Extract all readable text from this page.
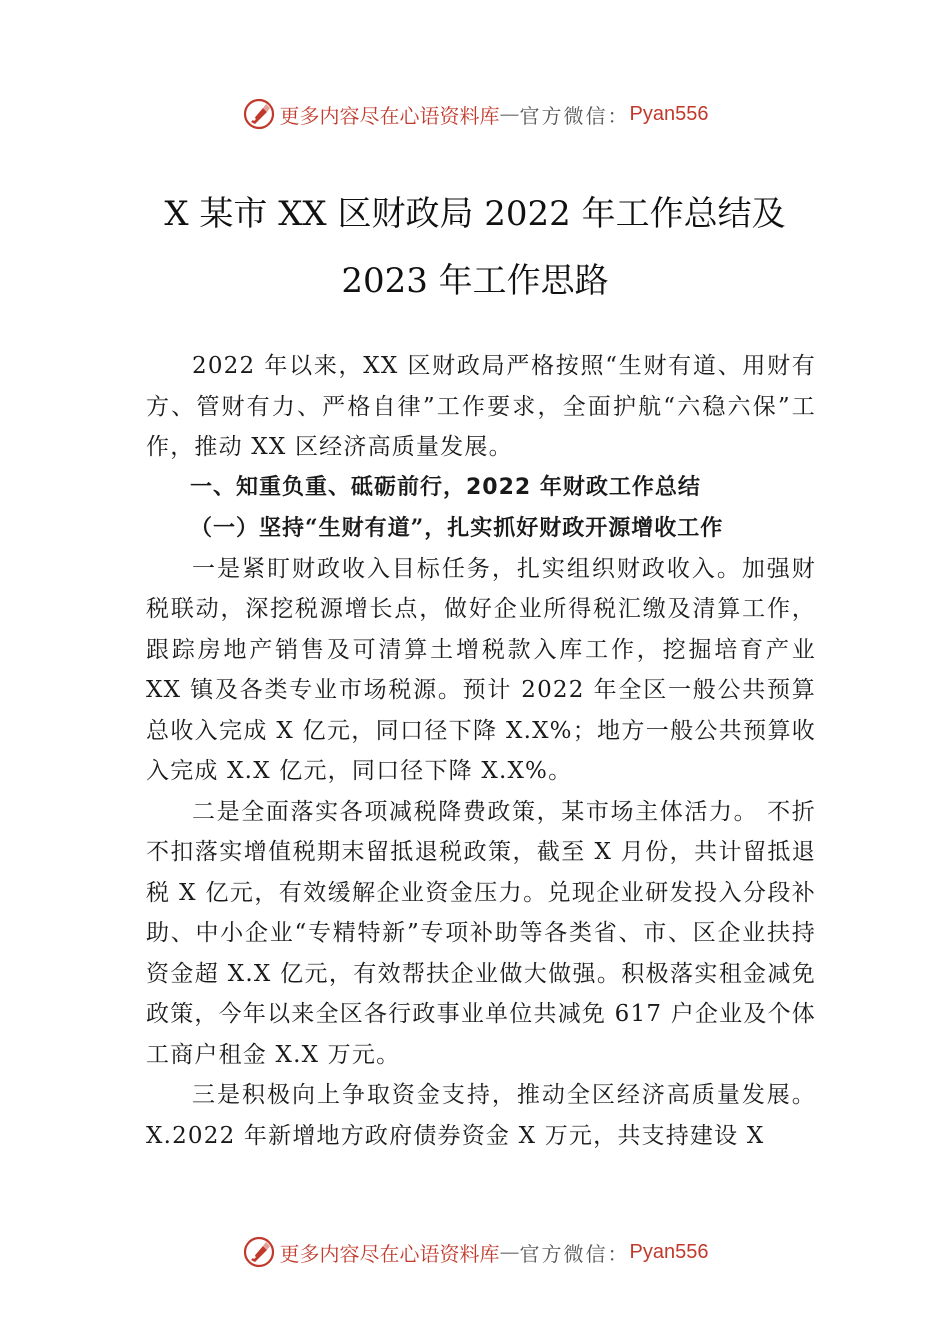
更多内容尽在心语资料库 — 官方微信： Pyan556
X 某市 XX 区财政局 2022 年工作总结及
2023 年工作思路

2022 年以来，XX 区财政局严格按照“生财有道、用财有方、管财有力、严格自律”工作要求，全面护航“六稳六保”工作，推动 XX 区经济高质量发展。

一、知重负重、砥砺前行，2022 年财政工作总结

（一）坚持“生财有道”，扎实抓好财政开源增收工作

一是紧盯财政收入目标任务，扎实组织财政收入。加强财税联动，深挖税源增长点，做好企业所得税汇缴及清算工作，跟踪房地产销售及可清算土增税款入库工作，挖掘培育产业 XX 镇及各类专业市场税源。预计 2022 年全区一般公共预算总收入完成 X 亿元，同口径下降 X.X%；地方一般公共预算收入完成 X.X 亿元，同口径下降 X.X%。

二是全面落实各项减税降费政策，某市场主体活力。 不折不扣落实增值税期末留抵退税政策，截至 X 月份，共计留抵退税 X 亿元，有效缓解企业资金压力。兑现企业研发投入分段补助、中小企业“专精特新”专项补助等各类省、市、区企业扶持资金超 X.X 亿元，有效帮扶企业做大做强。积极落实租金减免政策，今年以来全区各行政事业单位共减免 617 户企业及个体工商户租金 X.X 万元。

三是积极向上争取资金支持，推动全区经济高质量发展。 X.2022 年新增地方政府债券资金 X 万元，共支持建设 X

更多内容尽在心语资料库 — 官方微信： Pyan556
